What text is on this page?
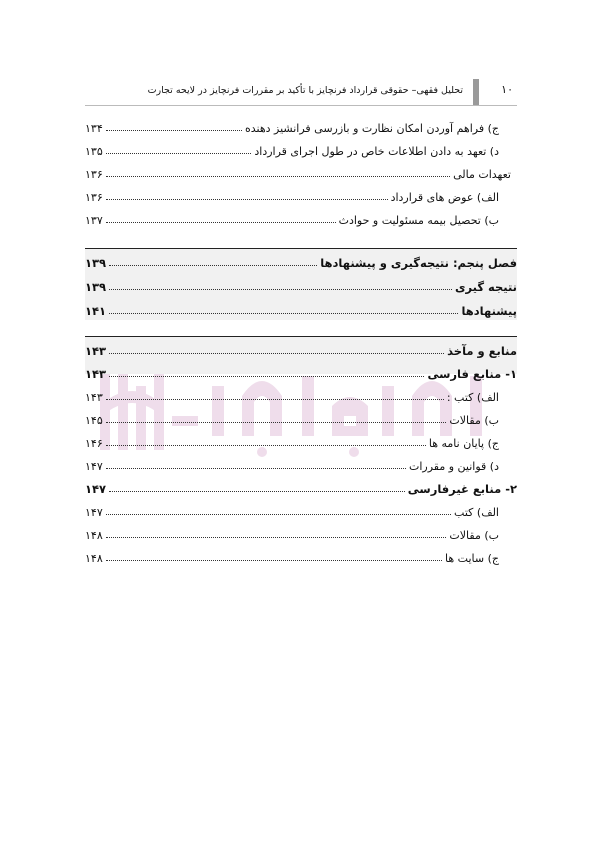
۱۰
تحلیل فقهی– حقوقی قرارداد فرنچایز با تأکید بر مقررات فرنچایز در لایحه تجارت
ج) فراهم آوردن امکان نظارت و بازرسی فرانشیز دهنده
۱۳۴
د) تعهد به دادن اطلاعات خاص در طول اجرای قرارداد
۱۳۵
تعهدات مالی
۱۳۶
الف) عوض های قرارداد
۱۳۶
ب) تحصیل بیمه مسئولیت و حوادث
۱۳۷
فصل پنجم: نتیجه‌گیری و پیشنهادها
۱۳۹
نتیجه گیری
۱۳۹
پیشنهادها
۱۴۱
منابع و مآخذ
۱۴۳
۱- منابع فارسی
۱۴۳
الف) کتب :
۱۴۳
ب) مقالات
۱۴۵
ج) پایان نامه ها
۱۴۶
د) قوانین و مقررات
۱۴۷
۲- منابع غیرفارسی
۱۴۷
الف) کتب
۱۴۷
ب) مقالات
۱۴۸
ج) سایت ها
۱۴۸
